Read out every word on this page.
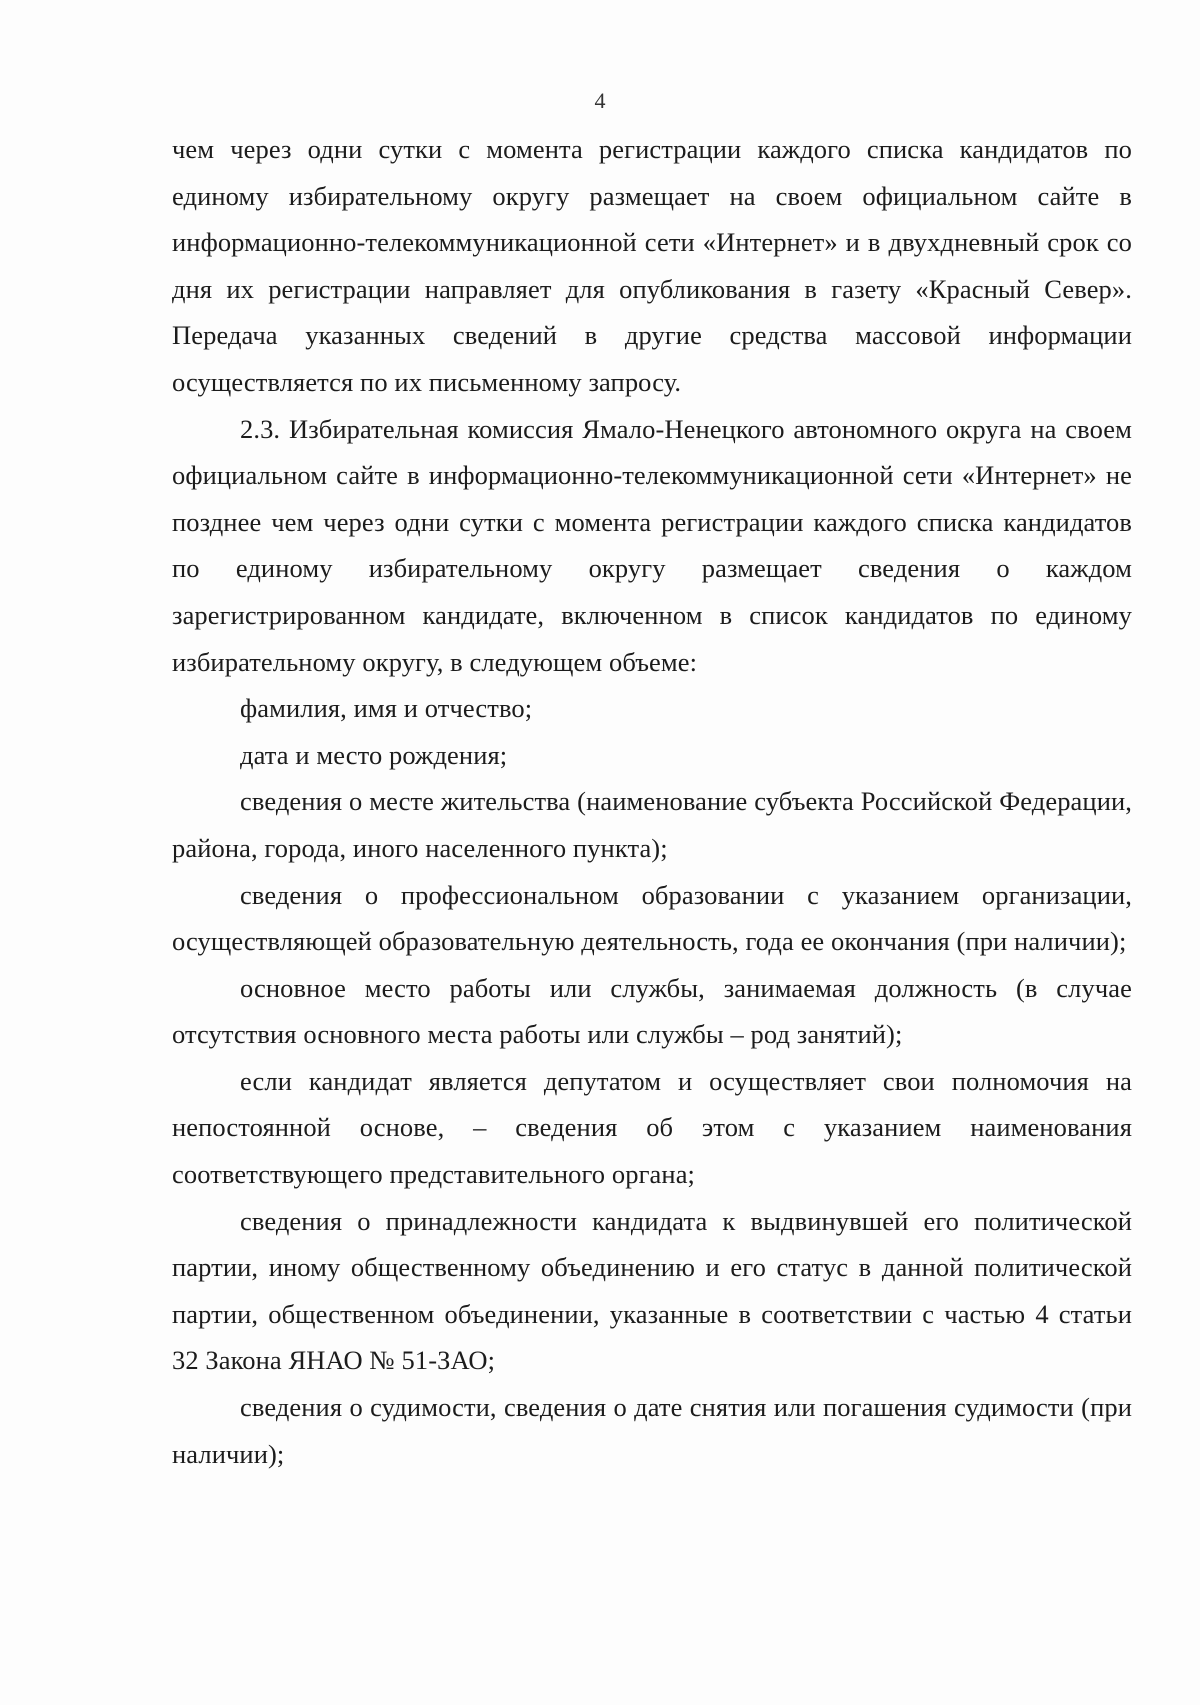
4

чем через одни сутки с момента регистрации каждого списка кандидатов по единому избирательному округу размещает на своем официальном сайте в информационно-телекоммуникационной сети «Интернет» и в двухдневный срок со дня их регистрации направляет для опубликования в газету «Красный Север». Передача указанных сведений в другие средства массовой информации осуществляется по их письменному запросу.

2.3. Избирательная комиссия Ямало-Ненецкого автономного округа на своем официальном сайте в информационно-телекоммуникационной сети «Интернет» не позднее чем через одни сутки с момента регистрации каждого списка кандидатов по единому избирательному округу размещает сведения о каждом зарегистрированном кандидате, включенном в список кандидатов по единому избирательному округу, в следующем объеме:

фамилия, имя и отчество;

дата и место рождения;

сведения о месте жительства (наименование субъекта Российской Федерации, района, города, иного населенного пункта);

сведения о профессиональном образовании с указанием организации, осуществляющей образовательную деятельность, года ее окончания (при наличии);

основное место работы или службы, занимаемая должность (в случае отсутствия основного места работы или службы – род занятий);

если кандидат является депутатом и осуществляет свои полномочия на непостоянной основе, – сведения об этом с указанием наименования соответствующего представительного органа;

сведения о принадлежности кандидата к выдвинувшей его политической партии, иному общественному объединению и его статус в данной политической партии, общественном объединении, указанные в соответствии с частью 4 статьи 32 Закона ЯНАО № 51-ЗАО;

сведения о судимости, сведения о дате снятия или погашения судимости (при наличии);
